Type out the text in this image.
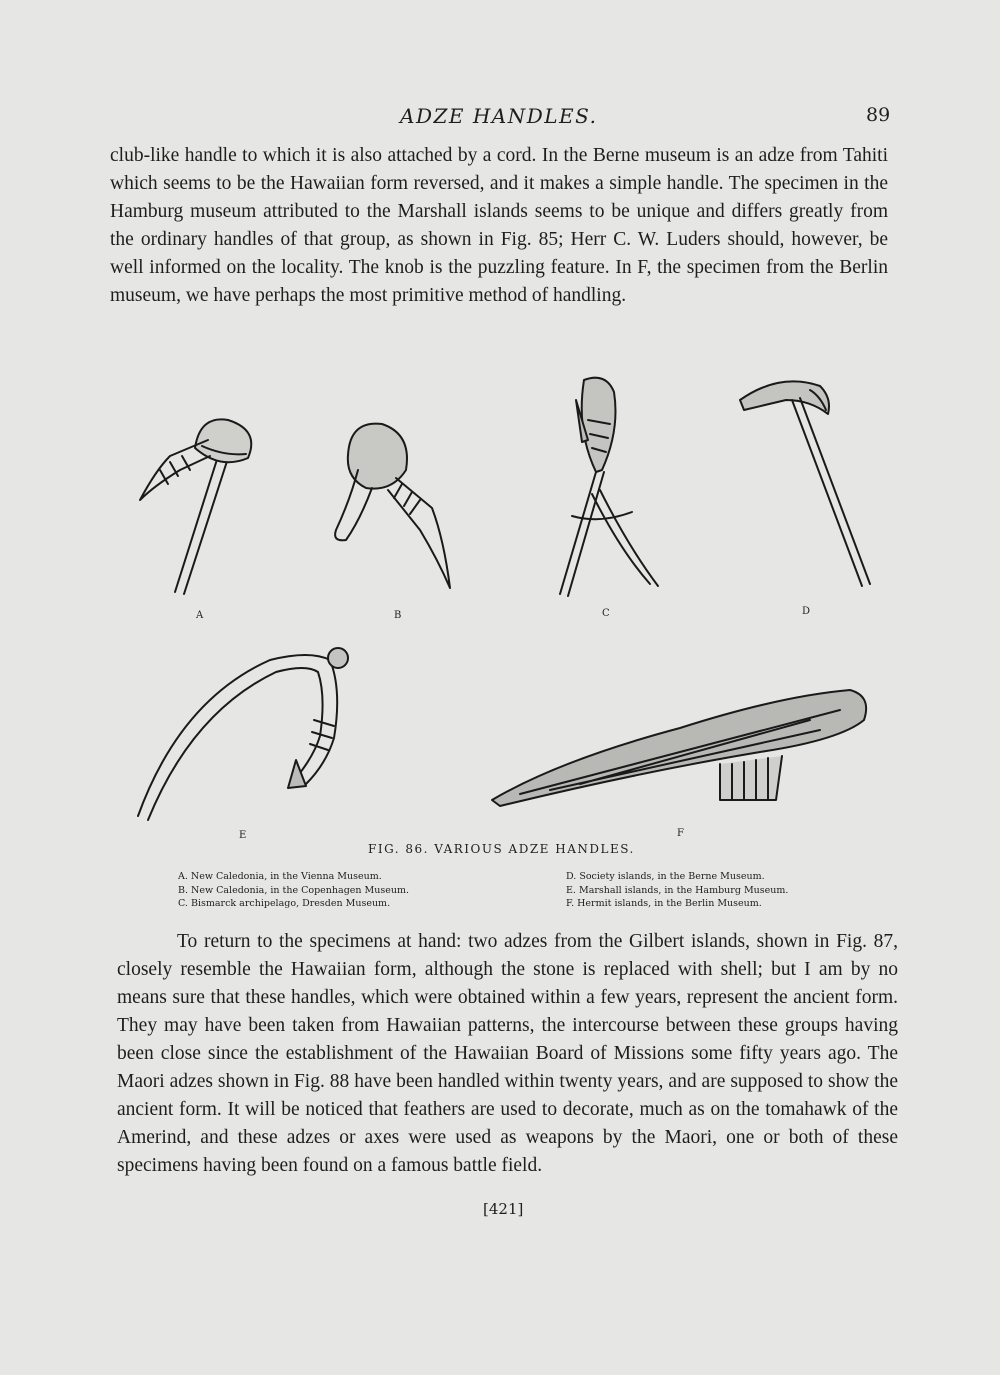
ADZE HANDLES.	89

club-like handle to which it is also attached by a cord. In the Berne museum is an adze from Tahiti which seems to be the Hawaiian form reversed, and it makes a simple handle. The specimen in the Hamburg museum attributed to the Marshall islands seems to be unique and differs greatly from the ordinary handles of that group, as shown in Fig. 85; Herr C. W. Luders should, however, be well informed on the locality. The knob is the puzzling feature. In F, the specimen from the Berlin museum, we have perhaps the most primitive method of handling.

A	B	C	D
E	F
FIG. 86. VARIOUS ADZE HANDLES.
A. New Caledonia, in the Vienna Museum.
B. New Caledonia, in the Copenhagen Museum.
C. Bismarck archipelago, Dresden Museum.
D. Society islands, in the Berne Museum.
E. Marshall islands, in the Hamburg Museum.
F. Hermit islands, in the Berlin Museum.

To return to the specimens at hand: two adzes from the Gilbert islands, shown in Fig. 87, closely resemble the Hawaiian form, although the stone is replaced with shell; but I am by no means sure that these handles, which were obtained within a few years, represent the ancient form. They may have been taken from Hawaiian patterns, the intercourse between these groups having been close since the establishment of the Hawaiian Board of Missions some fifty years ago. The Maori adzes shown in Fig. 88 have been handled within twenty years, and are supposed to show the ancient form. It will be noticed that feathers are used to decorate, much as on the tomahawk of the Amerind, and these adzes or axes were used as weapons by the Maori, one or both of these specimens having been found on a famous battle field.

[421]
